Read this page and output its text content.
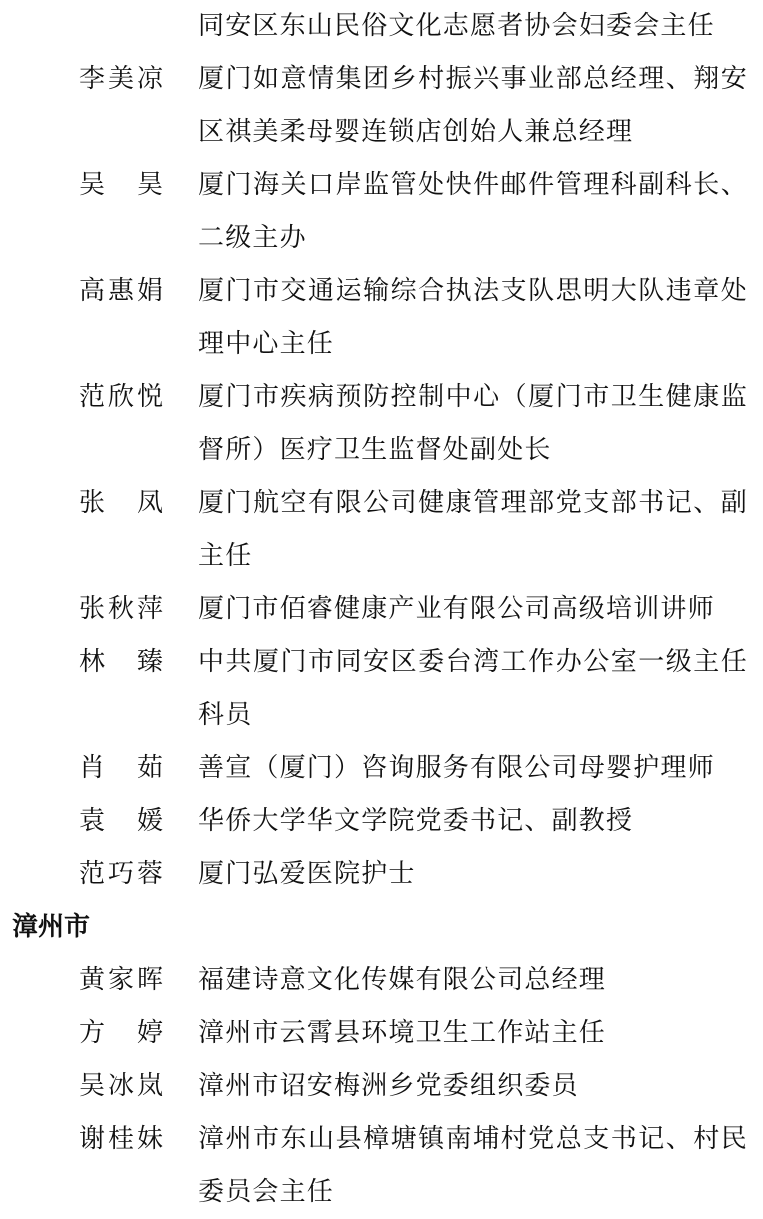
同安区东山民俗文化志愿者协会妇委会主任
李美凉 厦门如意情集团乡村振兴事业部总经理、翔安区祺美柔母婴连锁店创始人兼总经理
吴　昊 厦门海关口岸监管处快件邮件管理科副科长、二级主办
高惠娟 厦门市交通运输综合执法支队思明大队违章处理中心主任
范欣悦 厦门市疾病预防控制中心（厦门市卫生健康监督所）医疗卫生监督处副处长
张　凤 厦门航空有限公司健康管理部党支部书记、副主任
张秋萍 厦门市佰睿健康产业有限公司高级培训讲师
林　臻 中共厦门市同安区委台湾工作办公室一级主任科员
肖　茹 善宣（厦门）咨询服务有限公司母婴护理师
袁　媛 华侨大学华文学院党委书记、副教授
范巧蓉 厦门弘爱医院护士
漳州市
黄家晖 福建诗意文化传媒有限公司总经理
方　婷 漳州市云霄县环境卫生工作站主任
吴冰岚 漳州市诏安梅洲乡党委组织委员
谢桂妹 漳州市东山县樟塘镇南埔村党总支书记、村民委员会主任
